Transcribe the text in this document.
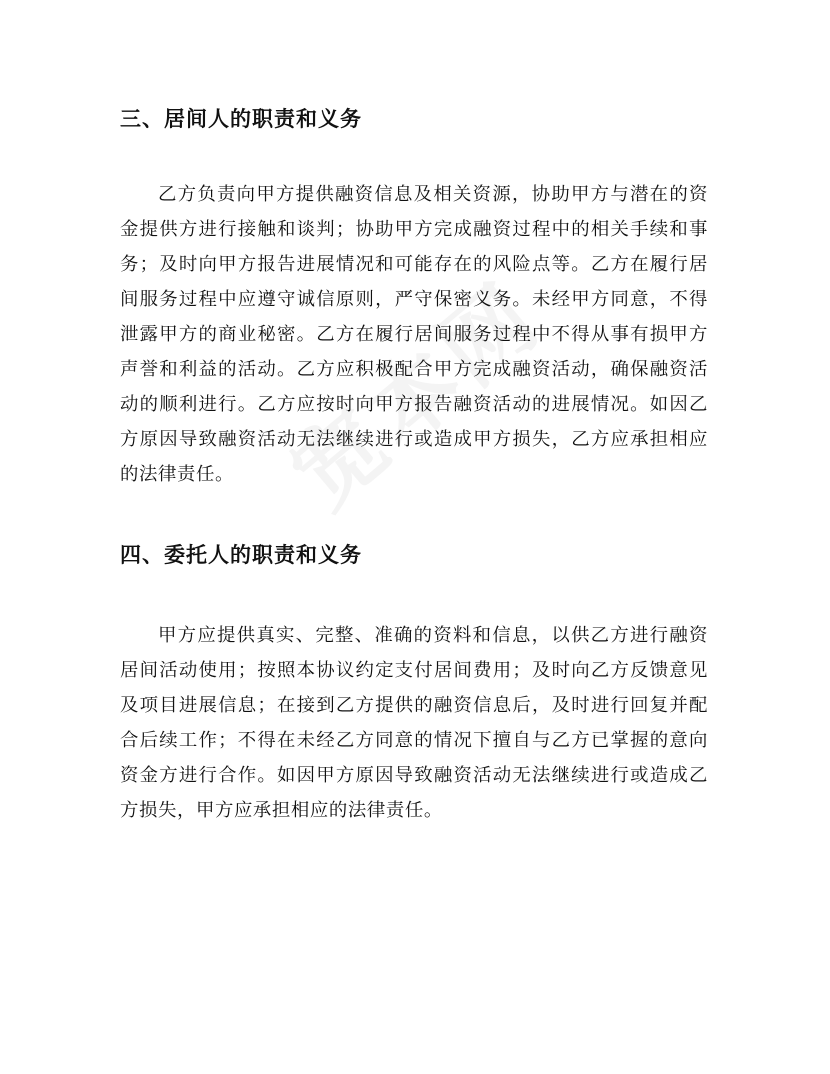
三、居间人的职责和义务

乙方负责向甲方提供融资信息及相关资源，协助甲方与潜在的资金提供方进行接触和谈判；协助甲方完成融资过程中的相关手续和事务；及时向甲方报告进展情况和可能存在的风险点等。乙方在履行居间服务过程中应遵守诚信原则，严守保密义务。未经甲方同意，不得泄露甲方的商业秘密。乙方在履行居间服务过程中不得从事有损甲方声誉和利益的活动。乙方应积极配合甲方完成融资活动，确保融资活动的顺利进行。乙方应按时向甲方报告融资活动的进展情况。如因乙方原因导致融资活动无法继续进行或造成甲方损失，乙方应承担相应的法律责任。

四、委托人的职责和义务

甲方应提供真实、完整、准确的资料和信息，以供乙方进行融资居间活动使用；按照本协议约定支付居间费用；及时向乙方反馈意见及项目进展信息；在接到乙方提供的融资信息后，及时进行回复并配合后续工作；不得在未经乙方同意的情况下擅自与乙方已掌握的意向资金方进行合作。如因甲方原因导致融资活动无法继续进行或造成乙方损失，甲方应承担相应的法律责任。
